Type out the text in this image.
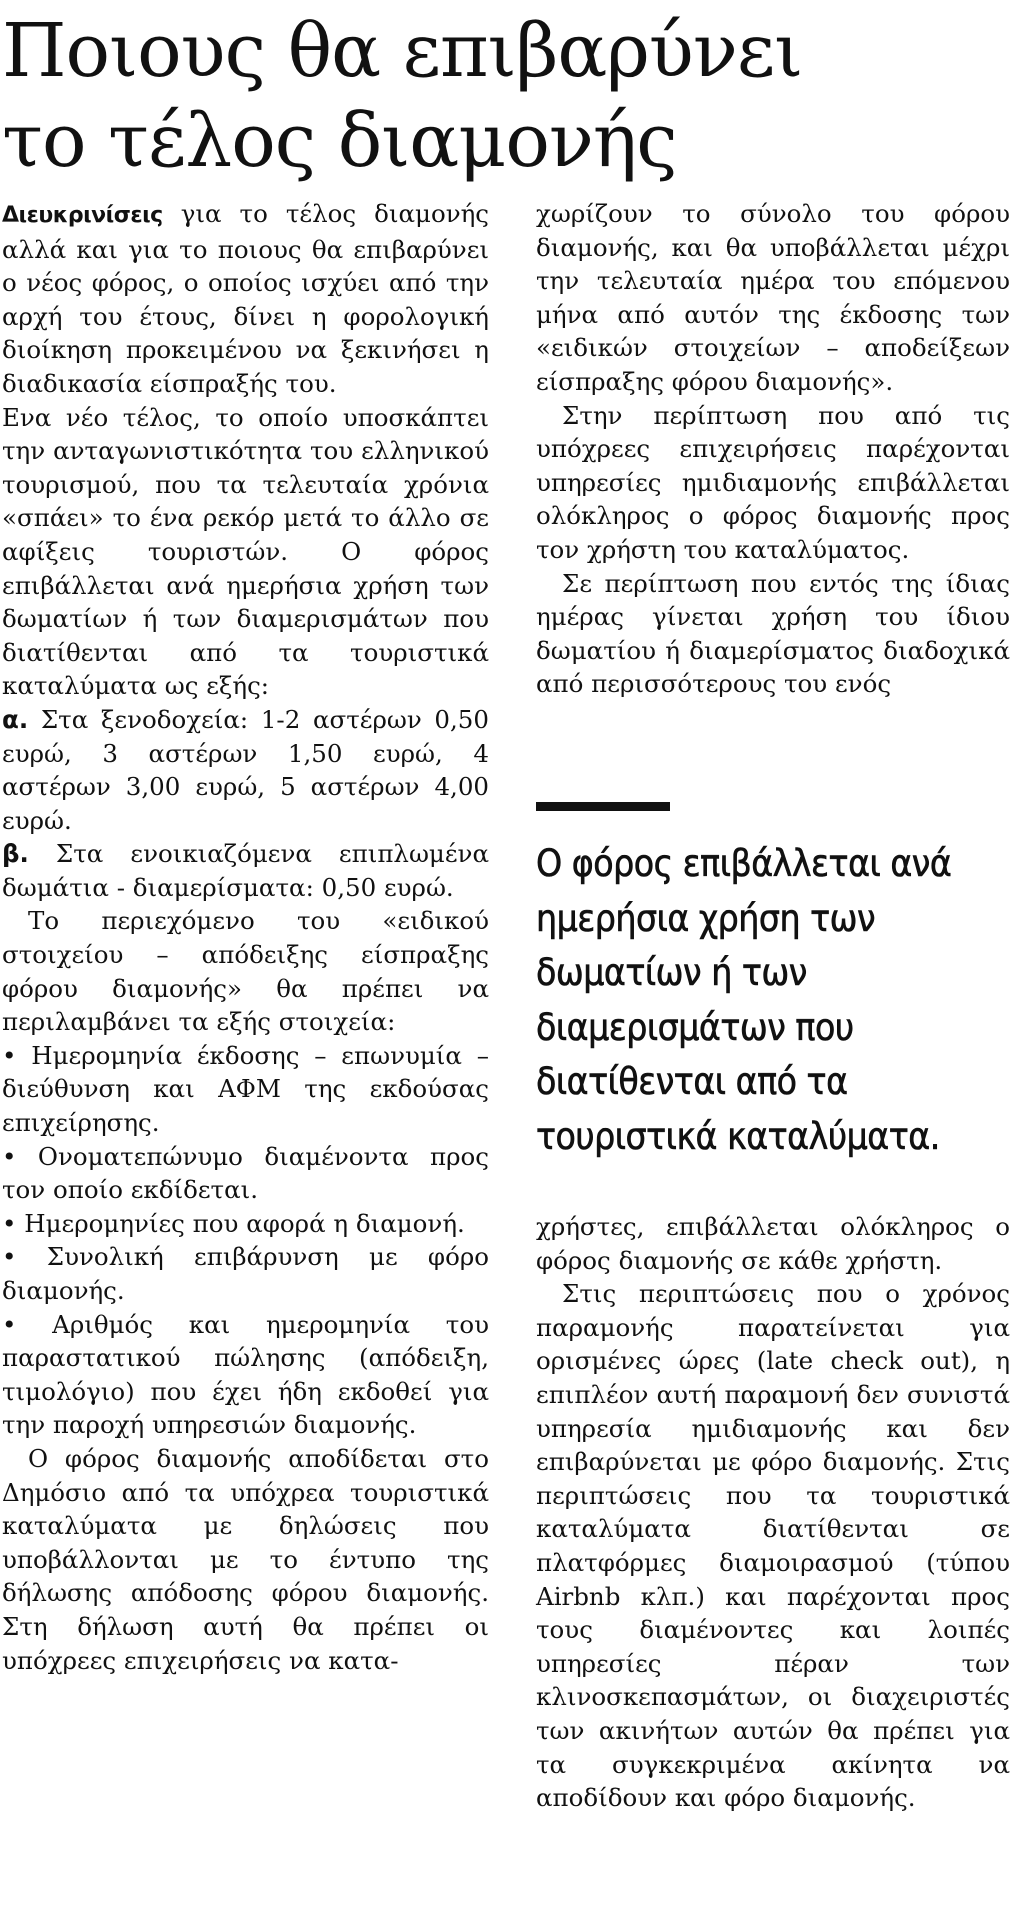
Ποιους θα επιβαρύνει
το τέλος διαμονής

Διευκρινίσεις για το τέλος διαμονής αλλά και για το ποιους θα επιβαρύνει ο νέος φόρος, ο οποίος ισχύει από την αρχή του έτους, δίνει η φορολογική διοίκηση προκειμένου να ξεκινήσει η διαδικασία είσπραξής του.

Ενα νέο τέλος, το οποίο υποσκάπτει την ανταγωνιστικότητα του ελληνικού τουρισμού, που τα τελευταία χρόνια «σπάει» το ένα ρεκόρ μετά το άλλο σε αφίξεις τουριστών. Ο φόρος επιβάλλεται ανά ημερήσια χρήση των δωματίων ή των διαμερισμάτων που διατίθενται από τα τουριστικά καταλύματα ως εξής:

α. Στα ξενοδοχεία: 1-2 αστέρων 0,50 ευρώ, 3 αστέρων 1,50 ευρώ, 4 αστέρων 3,00 ευρώ, 5 αστέρων 4,00 ευρώ.

β. Στα ενοικιαζόμενα επιπλωμένα δωμάτια - διαμερίσματα: 0,50 ευρώ.

Το περιεχόμενο του «ειδικού στοιχείου – απόδειξης είσπραξης φόρου διαμονής» θα πρέπει να περιλαμβάνει τα εξής στοιχεία:

• Ημερομηνία έκδοσης – επωνυμία – διεύθυνση και ΑΦΜ της εκδούσας επιχείρησης.

• Ονοματεπώνυμο διαμένοντα προς τον οποίο εκδίδεται.

• Ημερομηνίες που αφορά η διαμονή.

• Συνολική επιβάρυνση με φόρο διαμονής.

• Αριθμός και ημερομηνία του παραστατικού πώλησης (απόδειξη, τιμολόγιο) που έχει ήδη εκδοθεί για την παροχή υπηρεσιών διαμονής.

Ο φόρος διαμονής αποδίδεται στο Δημόσιο από τα υπόχρεα τουριστικά καταλύματα με δηλώσεις που υποβάλλονται με το έντυπο της δήλωσης απόδοσης φόρου διαμονής. Στη δήλωση αυτή θα πρέπει οι υπόχρεες επιχειρήσεις να κατα-

χωρίζουν το σύνολο του φόρου διαμονής, και θα υποβάλλεται μέχρι την τελευταία ημέρα του επόμενου μήνα από αυτόν της έκδοσης των «ειδικών στοιχείων – αποδείξεων είσπραξης φόρου διαμονής».

Στην περίπτωση που από τις υπόχρεες επιχειρήσεις παρέχονται υπηρεσίες ημιδιαμονής επιβάλλεται ολόκληρος ο φόρος διαμονής προς τον χρήστη του καταλύματος.

Σε περίπτωση που εντός της ίδιας ημέρας γίνεται χρήση του ίδιου δωματίου ή διαμερίσματος διαδοχικά από περισσότερους του ενός

Ο φόρος επιβάλλεται ανά ημερήσια χρήση των δωματίων ή των διαμερισμάτων που διατίθενται από τα τουριστικά καταλύματα.

χρήστες, επιβάλλεται ολόκληρος ο φόρος διαμονής σε κάθε χρήστη.

Στις περιπτώσεις που ο χρόνος παραμονής παρατείνεται για ορισμένες ώρες (late check out), η επιπλέον αυτή παραμονή δεν συνιστά υπηρεσία ημιδιαμονής και δεν επιβαρύνεται με φόρο διαμονής. Στις περιπτώσεις που τα τουριστικά καταλύματα διατίθενται σε πλατφόρμες διαμοιρασμού (τύπου Airbnb κλπ.) και παρέχονται προς τους διαμένοντες και λοιπές υπηρεσίες πέραν των κλινοσκεπασμάτων, οι διαχειριστές των ακινήτων αυτών θα πρέπει για τα συγκεκριμένα ακίνητα να αποδίδουν και φόρο διαμονής.
